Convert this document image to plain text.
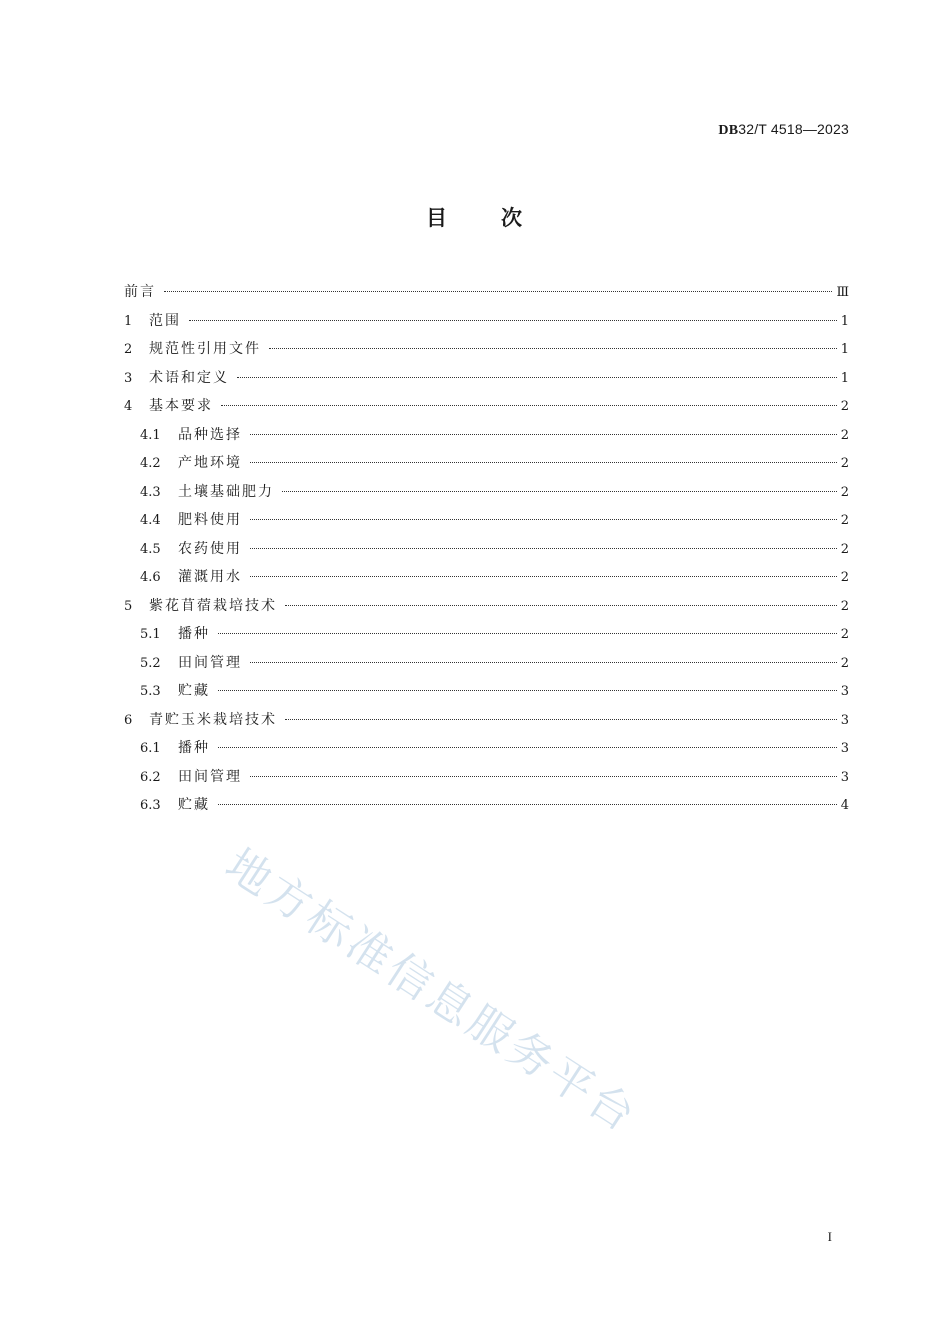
DB32/T 4518—2023
目 次
前言	Ⅲ
1	范围	1
2	规范性引用文件	1
3	术语和定义	1
4	基本要求	2
4.1	品种选择	2
4.2	产地环境	2
4.3	土壤基础肥力	2
4.4	肥料使用	2
4.5	农药使用	2
4.6	灌溉用水	2
5	紫花苜蓿栽培技术	2
5.1	播种	2
5.2	田间管理	2
5.3	贮藏	3
6	青贮玉米栽培技术	3
6.1	播种	3
6.2	田间管理	3
6.3	贮藏	4
地方标准信息服务平台
I
